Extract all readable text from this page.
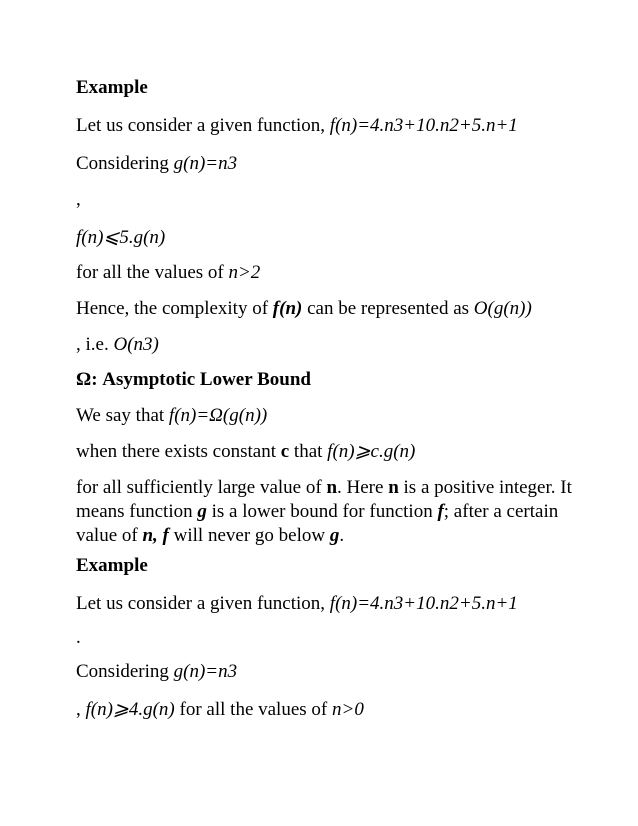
Example
Let us consider a given function, f(n)=4.n3+10.n2+5.n+1
Considering g(n)=n3
,
f(n)⩽5.g(n)
for all the values of n>2
Hence, the complexity of f(n) can be represented as O(g(n))
, i.e. O(n3)
Ω: Asymptotic Lower Bound
We say that f(n)=Ω(g(n))
when there exists constant c that f(n)⩾c.g(n)
for all sufficiently large value of n. Here n is a positive integer. It means function g is a lower bound for function f; after a certain value of n, f will never go below g.
Example
Let us consider a given function, f(n)=4.n3+10.n2+5.n+1
.
Considering g(n)=n3
, f(n)⩾4.g(n) for all the values of n>0
